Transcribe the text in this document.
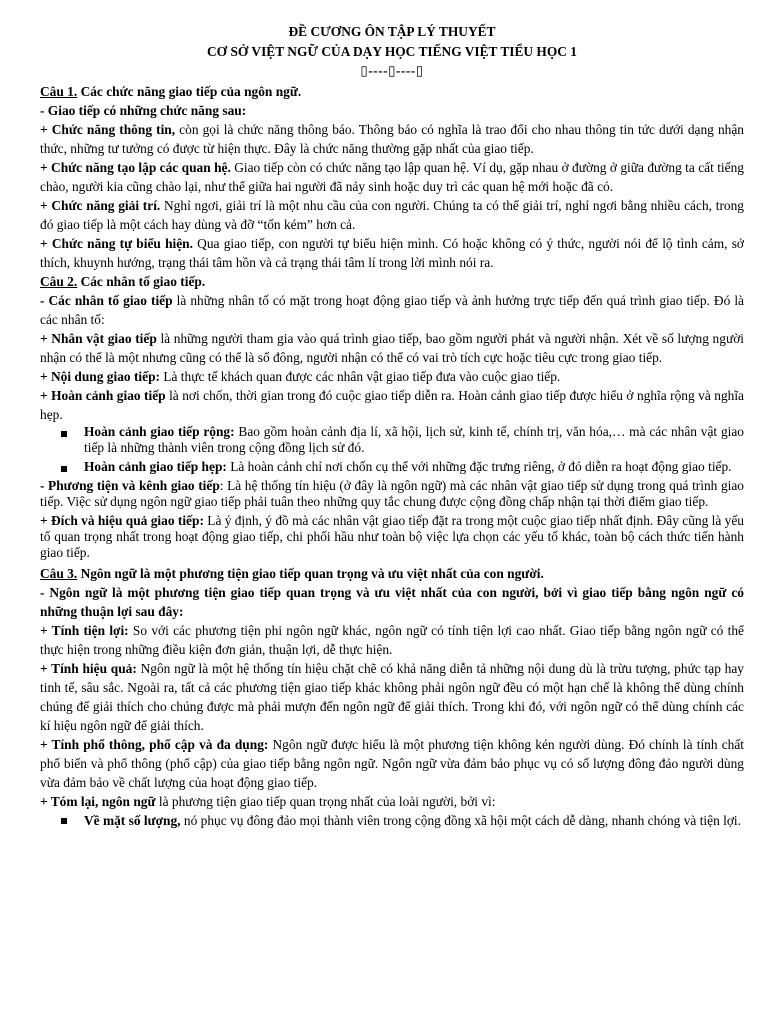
ĐỀ CƯƠNG ÔN TẬP LÝ THUYẾT

CƠ SỞ VIỆT NGỮ CỦA DẠY HỌC TIẾNG VIỆT TIỂU HỌC 1

▯----▯----▯

Câu 1. Các chức năng giao tiếp của ngôn ngữ.

- Giao tiếp có những chức năng sau:

+ Chức năng thông tin, còn gọi là chức năng thông báo. Thông báo có nghĩa là trao đổi cho nhau thông tin tức dưới dạng nhận thức, những tư tưởng có được từ hiện thực. Đây là chức năng thường gặp nhất của giao tiếp.

+ Chức năng tạo lập các quan hệ. Giao tiếp còn có chức năng tạo lập quan hệ. Ví dụ, gặp nhau ở đường ở giữa đường ta cất tiếng chào, người kia cũng chào lại, như thể giữa hai người đã nảy sinh hoặc duy trì các quan hệ mới hoặc đã có.

+ Chức năng giải trí. Nghỉ ngơi, giải trí là một nhu cầu của con người. Chúng ta có thể giải trí, nghỉ ngơi bằng nhiều cách, trong đó giao tiếp là một cách hay dùng và đỡ “tốn kém” hơn cả.

+ Chức năng tự biểu hiện. Qua giao tiếp, con người tự biểu hiện mình. Có hoặc không có ý thức, người nói để lộ tình cảm, sở thích, khuynh hướng, trạng thái tâm hồn và cả trạng thái tâm lí trong lời mình nói ra.

Câu 2. Các nhân tố giao tiếp.

- Các nhân tố giao tiếp là những nhân tố có mặt trong hoạt động giao tiếp và ảnh hưởng trực tiếp đến quá trình giao tiếp. Đó là các nhân tố:

+ Nhân vật giao tiếp là những người tham gia vào quá trình giao tiếp, bao gồm người phát và người nhận. Xét về số lượng người nhận có thể là một nhưng cũng có thể là số đông, người nhận có thể có vai trò tích cực hoặc tiêu cực trong giao tiếp.

+ Nội dung giao tiếp: Là thực tế khách quan được các nhân vật giao tiếp đưa vào cuộc giao tiếp.

+ Hoàn cảnh giao tiếp là nơi chốn, thời gian trong đó cuộc giao tiếp diễn ra. Hoàn cảnh giao tiếp được hiểu ở nghĩa rộng và nghĩa hẹp.

Hoàn cảnh giao tiếp rộng: Bao gồm hoàn cảnh địa lí, xã hội, lịch sử, kinh tế, chính trị, văn hóa,… mà các nhân vật giao tiếp là những thành viên trong cộng đồng lịch sử đó.
Hoàn cảnh giao tiếp hẹp: Là hoàn cảnh chỉ nơi chốn cụ thể với những đặc trưng riêng, ở đó diễn ra hoạt động giao tiếp.

- Phương tiện và kênh giao tiếp: Là hệ thống tín hiệu (ở đây là ngôn ngữ) mà các nhân vật giao tiếp sử dụng trong quá trình giao tiếp. Việc sử dụng ngôn ngữ giao tiếp phải tuân theo những quy tắc chung được cộng đồng chấp nhận tại thời điểm giao tiếp.

+ Đích và hiệu quả giao tiếp: Là ý định, ý đồ mà các nhân vật giao tiếp đặt ra trong một cuộc giao tiếp nhất định. Đây cũng là yếu tố quan trọng nhất trong hoạt động giao tiếp, chi phối hầu như toàn bộ việc lựa chọn các yếu tố khác, toàn bộ cách thức tiến hành giao tiếp.

Câu 3. Ngôn ngữ là một phương tiện giao tiếp quan trọng và ưu việt nhất của con người.

- Ngôn ngữ là một phương tiện giao tiếp quan trọng và ưu việt nhất của con người, bởi vì giao tiếp bằng ngôn ngữ có những thuận lợi sau đây:

+ Tính tiện lợi: So với các phương tiện phi ngôn ngữ khác, ngôn ngữ có tính tiện lợi cao nhất. Giao tiếp bằng ngôn ngữ có thể thực hiện trong những điều kiện đơn giản, thuận lợi, dễ thực hiện.

+ Tính hiệu quả: Ngôn ngữ là một hệ thống tín hiệu chặt chẽ có khả năng diễn tả những nội dung dù là trừu tượng, phức tạp hay tinh tế, sâu sắc. Ngoài ra, tất cả các phương tiện giao tiếp khác không phải ngôn ngữ đều có một hạn chế là không thể dùng chính chúng để giải thích cho chúng được mà phải mượn đến ngôn ngữ để giải thích. Trong khi đó, với ngôn ngữ có thể dùng chính các kí hiệu ngôn ngữ để giải thích.

+ Tính phổ thông, phổ cập và đa dụng: Ngôn ngữ được hiểu là một phương tiện không kén người dùng. Đó chính là tính chất phổ biến và phổ thông (phổ cập) của giao tiếp bằng ngôn ngữ. Ngôn ngữ vừa đảm bảo phục vụ có số lượng đông đảo người dùng vừa đảm bảo về chất lượng của hoạt động giao tiếp.

+ Tóm lại, ngôn ngữ là phương tiện giao tiếp quan trọng nhất của loài người, bởi vì:

Về mặt số lượng, nó phục vụ đông đảo mọi thành viên trong cộng đồng xã hội một cách dễ dàng, nhanh chóng và tiện lợi.
